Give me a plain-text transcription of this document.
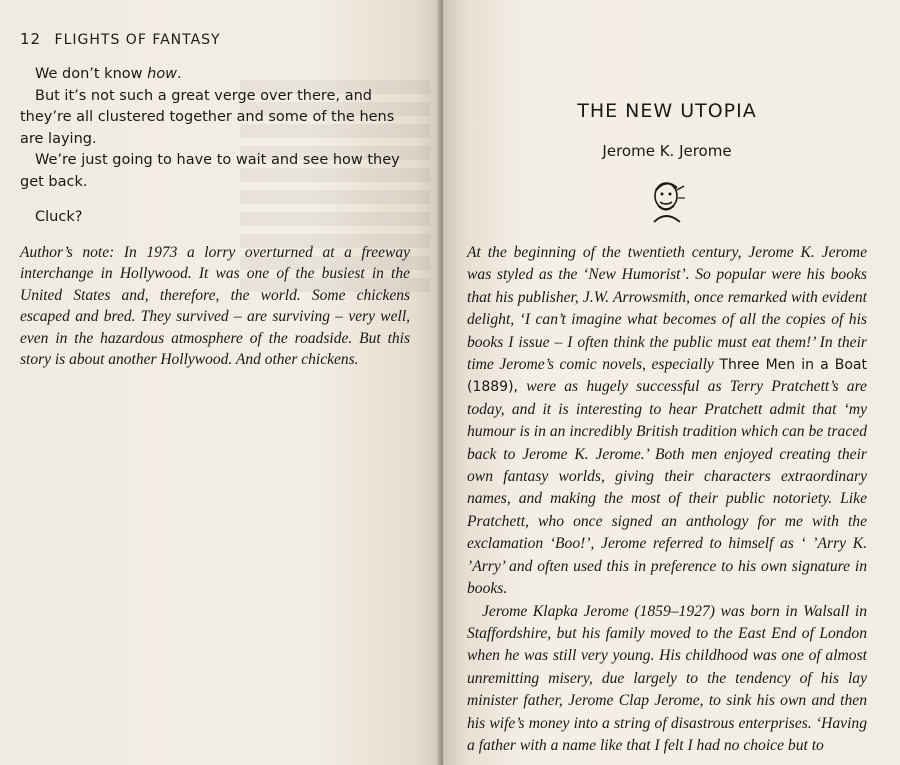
12 FLIGHTS OF FANTASY

We don’t know how.

But it’s not such a great verge over there, and they’re all clustered together and some of the hens are laying.

We’re just going to have to wait and see how they get back.

Cluck?

Author’s note: In 1973 a lorry overturned at a freeway interchange in Hollywood. It was one of the busiest in the United States and, therefore, the world. Some chickens escaped and bred. They survived – are surviving – very well, even in the hazardous atmosphere of the roadside. But this story is about another Hollywood. And other chickens.

THE NEW UTOPIA

Jerome K. Jerome

At the beginning of the twentieth century, Jerome K. Jerome was styled as the ‘New Humorist’. So popular were his books that his publisher, J.W. Arrowsmith, once remarked with evident delight, ‘I can’t imagine what becomes of all the copies of his books I issue – I often think the public must eat them!’ In their time Jerome’s comic novels, especially Three Men in a Boat (1889), were as hugely successful as Terry Pratchett’s are today, and it is interesting to hear Pratchett admit that ‘my humour is in an incredibly British tradition which can be traced back to Jerome K. Jerome.’ Both men enjoyed creating their own fantasy worlds, giving their characters extraordinary names, and making the most of their public notoriety. Like Pratchett, who once signed an anthology for me with the exclamation ‘Boo!’, Jerome referred to himself as ‘ ’Arry K. ’Arry’ and often used this in preference to his own signature in books.

Jerome Klapka Jerome (1859–1927) was born in Walsall in Staffordshire, but his family moved to the East End of London when he was still very young. His childhood was one of almost unremitting misery, due largely to the tendency of his lay minister father, Jerome Clap Jerome, to sink his own and then his wife’s money into a string of disastrous enterprises. ‘Having a father with a name like that I felt I had no choice but to
